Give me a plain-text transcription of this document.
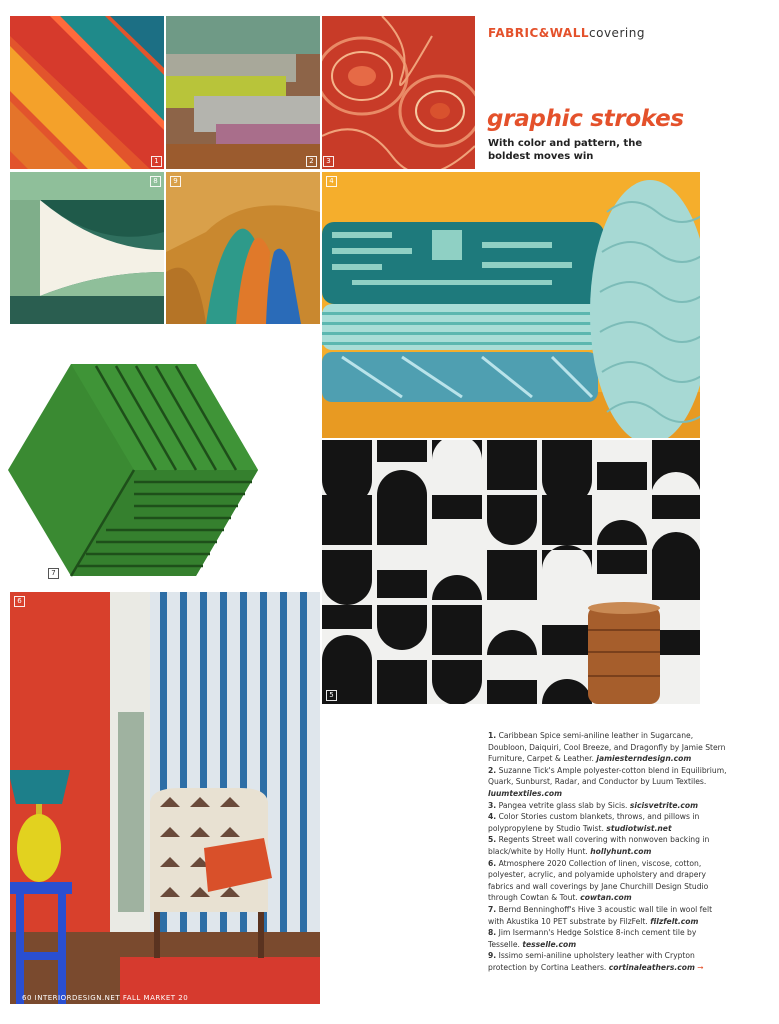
1	2
FABRIC&WALLcovering
graphic strokes
With color and pattern, the boldest moves win
8	9	4
7
5
6
60 INTERIORDESIGN.NET FALL MARKET 20

1. Caribbean Spice semi-aniline leather in Sugarcane, Doubloon, Daiquiri, Cool Breeze, and Dragonfly by Jamie Stern Furniture, Carpet & Leather. jamiesterndesign.com

2. Suzanne Tick's Ample polyester-cotton blend in Equilibrium, Quark, Sunburst, Radar, and Conductor by Luum Textiles. luumtextiles.com

3. Pangea vetrite glass slab by Sicis. sicisvetrite.com

4. Color Stories custom blankets, throws, and pillows in polypropylene by Studio Twist. studiotwist.net

5. Regents Street wall covering with nonwoven backing in black/white by Holly Hunt. hollyhunt.com

6. Atmosphere 2020 Collection of linen, viscose, cotton, polyester, acrylic, and polyamide upholstery and drapery fabrics and wall coverings by Jane Churchill Design Studio through Cowtan & Tout. cowtan.com

7. Bernd Benninghoff's Hive 3 acoustic wall tile in wool felt with Akustika 10 PET substrate by FilzFelt. filzfelt.com

8. Jim Isermann's Hedge Solstice 8-inch cement tile by Tesselle. tesselle.com

9. Issimo semi-aniline upholstery leather with Crypton protection by Cortina Leathers. cortinaleathers.com ➞

3
